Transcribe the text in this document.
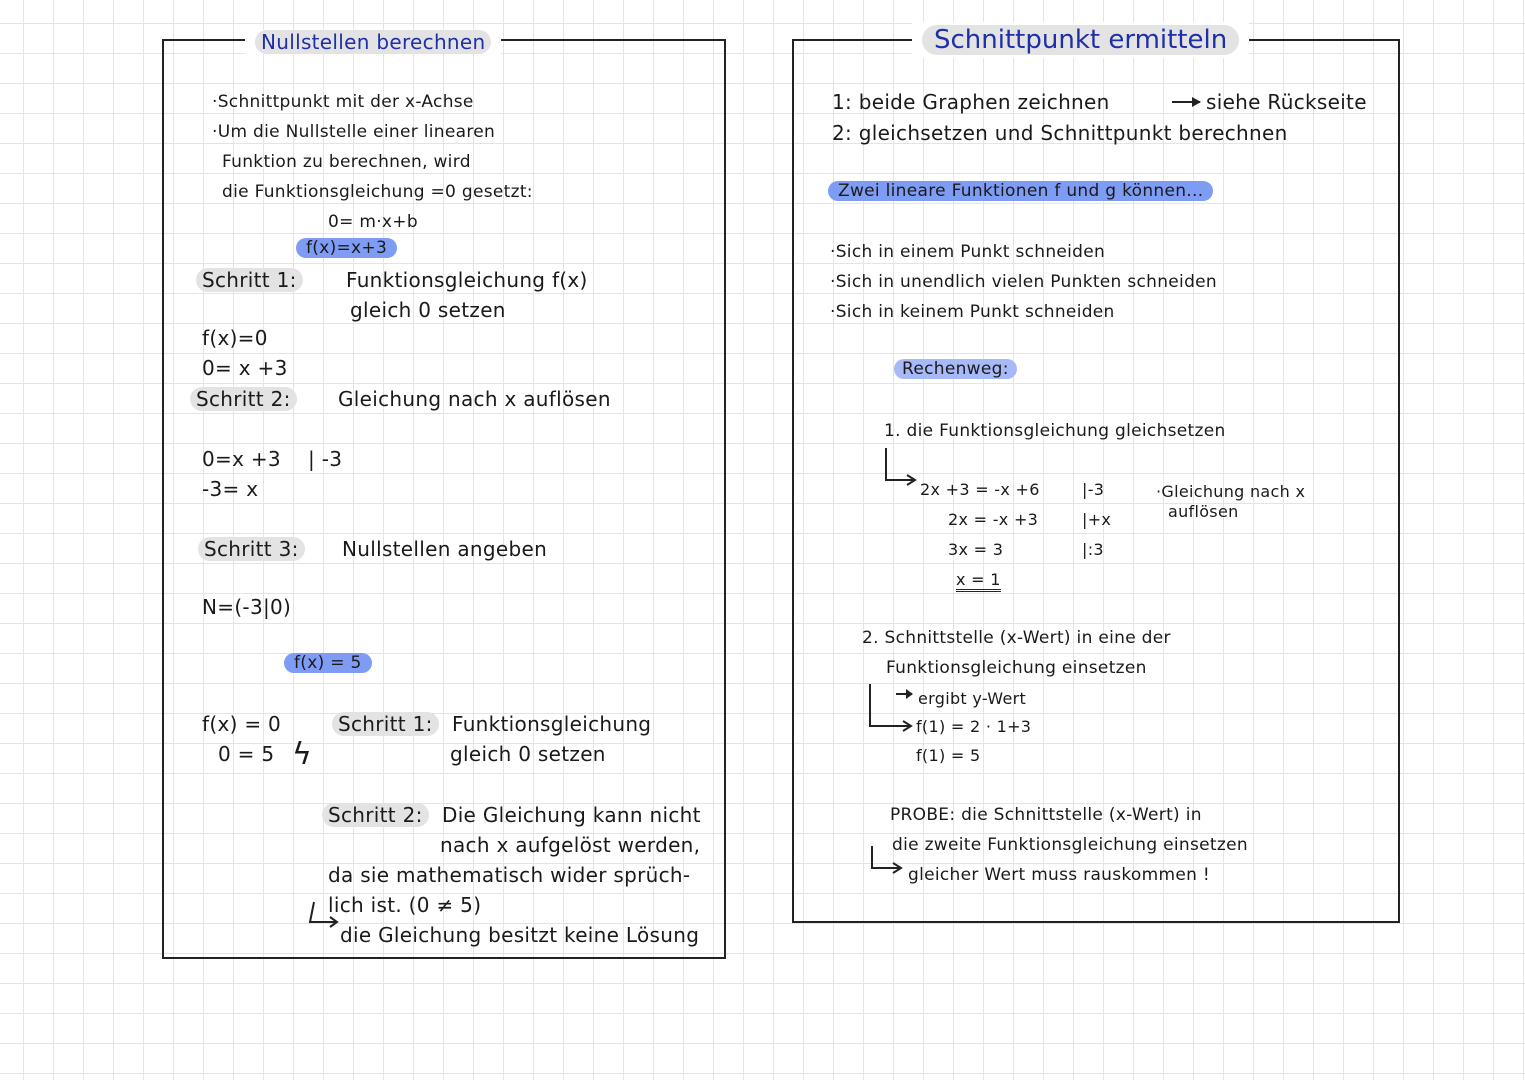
Nullstellen berechnen
·Schnittpunkt mit der x-Achse
·Um die Nullstelle einer linearen
Funktion zu berechnen, wird
die Funktionsgleichung =0 gesetzt:
0= m·x+b
f(x)=x+3
Schritt 1:	Funktionsgleichung f(x)
gleich 0 setzen
f(x)=0
0= x +3
Schritt 2:	Gleichung nach x auflösen
0=x +3 | -3
-3= x
Schritt 3:	Nullstellen angeben
N=(-3|0)
f(x) = 5
f(x) = 0
0 = 5 ϟ
Schritt 1: Funktionsgleichung
gleich 0 setzen
Schritt 2: Die Gleichung kann nicht
nach x aufgelöst werden,
da sie mathematisch wider sprüch-
lich ist. (0 ≠ 5)
die Gleichung besitzt keine Lösung
Schnittpunkt ermitteln
1: beide Graphen zeichnen	siehe Rückseite
2: gleichsetzen und Schnittpunkt berechnen
Zwei lineare Funktionen f und g können...
·Sich in einem Punkt schneiden
·Sich in unendlich vielen Punkten schneiden
·Sich in keinem Punkt schneiden
Rechenweg:
1. die Funktionsgleichung gleichsetzen
2x +3 = -x +6	|-3
2x = -x +3	|+x
3x = 3	|:3
x = 1
·Gleichung nach x
auflösen
2. Schnittstelle (x-Wert) in eine der
Funktionsgleichung einsetzen
ergibt y-Wert
f(1) = 2 · 1+3
f(1) = 5
PROBE: die Schnittstelle (x-Wert) in
die zweite Funktionsgleichung einsetzen
gleicher Wert muss rauskommen !
